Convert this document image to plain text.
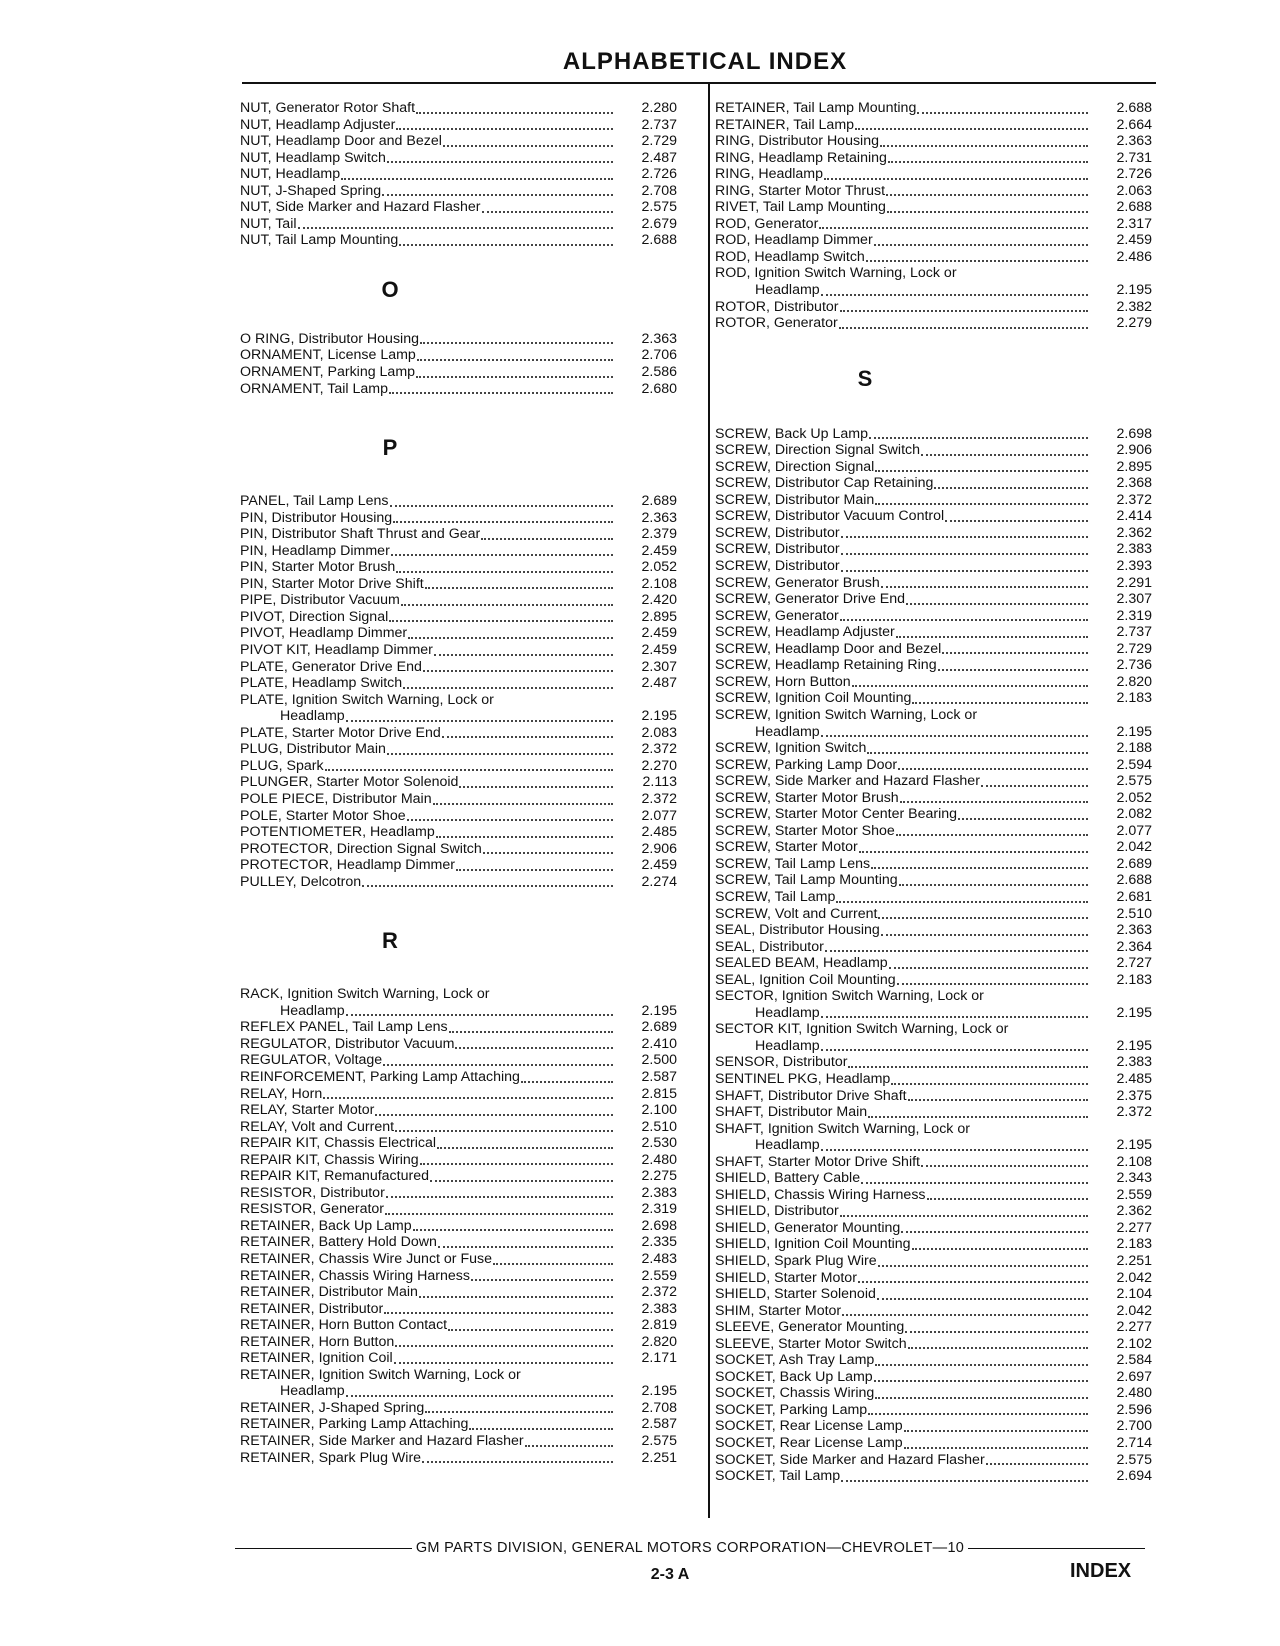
ALPHABETICAL INDEX
NUT, Generator Rotor Shaft	2.280
NUT, Headlamp Adjuster	2.737
NUT, Headlamp Door and Bezel	2.729
NUT, Headlamp Switch	2.487
NUT, Headlamp	2.726
NUT, J-Shaped Spring	2.708
NUT, Side Marker and Hazard Flasher	2.575
NUT, Tail	2.679
NUT, Tail Lamp Mounting	2.688
O
O RING, Distributor Housing	2.363
ORNAMENT, License Lamp	2.706
ORNAMENT, Parking Lamp	2.586
ORNAMENT, Tail Lamp	2.680
P
PANEL, Tail Lamp Lens	2.689
PIN, Distributor Housing	2.363
PIN, Distributor Shaft Thrust and Gear	2.379
PIN, Headlamp Dimmer	2.459
PIN, Starter Motor Brush	2.052
PIN, Starter Motor Drive Shift	2.108
PIPE, Distributor Vacuum	2.420
PIVOT, Direction Signal	2.895
PIVOT, Headlamp Dimmer	2.459
PIVOT KIT, Headlamp Dimmer	2.459
PLATE, Generator Drive End	2.307
PLATE, Headlamp Switch	2.487
PLATE, Ignition Switch Warning, Lock or
Headlamp	2.195
PLATE, Starter Motor Drive End	2.083
PLUG, Distributor Main	2.372
PLUG, Spark	2.270
PLUNGER, Starter Motor Solenoid	2.113
POLE PIECE, Distributor Main	2.372
POLE, Starter Motor Shoe	2.077
POTENTIOMETER, Headlamp	2.485
PROTECTOR, Direction Signal Switch	2.906
PROTECTOR, Headlamp Dimmer	2.459
PULLEY, Delcotron	2.274
R
RACK, Ignition Switch Warning, Lock or
Headlamp	2.195
REFLEX PANEL, Tail Lamp Lens	2.689
REGULATOR, Distributor Vacuum	2.410
REGULATOR, Voltage	2.500
REINFORCEMENT, Parking Lamp Attaching	2.587
RELAY, Horn	2.815
RELAY, Starter Motor	2.100
RELAY, Volt and Current	2.510
REPAIR KIT, Chassis Electrical	2.530
REPAIR KIT, Chassis Wiring	2.480
REPAIR KIT, Remanufactured	2.275
RESISTOR, Distributor	2.383
RESISTOR, Generator	2.319
RETAINER, Back Up Lamp	2.698
RETAINER, Battery Hold Down	2.335
RETAINER, Chassis Wire Junct or Fuse	2.483
RETAINER, Chassis Wiring Harness	2.559
RETAINER, Distributor Main	2.372
RETAINER, Distributor	2.383
RETAINER, Horn Button Contact	2.819
RETAINER, Horn Button	2.820
RETAINER, Ignition Coil	2.171
RETAINER, Ignition Switch Warning, Lock or
Headlamp	2.195
RETAINER, J-Shaped Spring	2.708
RETAINER, Parking Lamp Attaching	2.587
RETAINER, Side Marker and Hazard Flasher	2.575
RETAINER, Spark Plug Wire	2.251
RETAINER, Tail Lamp Mounting	2.688
RETAINER, Tail Lamp	2.664
RING, Distributor Housing	2.363
RING, Headlamp Retaining	2.731
RING, Headlamp	2.726
RING, Starter Motor Thrust	2.063
RIVET, Tail Lamp Mounting	2.688
ROD, Generator	2.317
ROD, Headlamp Dimmer	2.459
ROD, Headlamp Switch	2.486
ROD, Ignition Switch Warning, Lock or
Headlamp	2.195
ROTOR, Distributor	2.382
ROTOR, Generator	2.279
S
SCREW, Back Up Lamp	2.698
SCREW, Direction Signal Switch	2.906
SCREW, Direction Signal	2.895
SCREW, Distributor Cap Retaining	2.368
SCREW, Distributor Main	2.372
SCREW, Distributor Vacuum Control	2.414
SCREW, Distributor	2.362
SCREW, Distributor	2.383
SCREW, Distributor	2.393
SCREW, Generator Brush	2.291
SCREW, Generator Drive End	2.307
SCREW, Generator	2.319
SCREW, Headlamp Adjuster	2.737
SCREW, Headlamp Door and Bezel	2.729
SCREW, Headlamp Retaining Ring	2.736
SCREW, Horn Button	2.820
SCREW, Ignition Coil Mounting	2.183
SCREW, Ignition Switch Warning, Lock or
Headlamp	2.195
SCREW, Ignition Switch	2.188
SCREW, Parking Lamp Door	2.594
SCREW, Side Marker and Hazard Flasher	2.575
SCREW, Starter Motor Brush	2.052
SCREW, Starter Motor Center Bearing	2.082
SCREW, Starter Motor Shoe	2.077
SCREW, Starter Motor	2.042
SCREW, Tail Lamp Lens	2.689
SCREW, Tail Lamp Mounting	2.688
SCREW, Tail Lamp	2.681
SCREW, Volt and Current	2.510
SEAL, Distributor Housing	2.363
SEAL, Distributor	2.364
SEALED BEAM, Headlamp	2.727
SEAL, Ignition Coil Mounting	2.183
SECTOR, Ignition Switch Warning, Lock or
Headlamp	2.195
SECTOR KIT, Ignition Switch Warning, Lock or
Headlamp	2.195
SENSOR, Distributor	2.383
SENTINEL PKG, Headlamp	2.485
SHAFT, Distributor Drive Shaft	2.375
SHAFT, Distributor Main	2.372
SHAFT, Ignition Switch Warning, Lock or
Headlamp	2.195
SHAFT, Starter Motor Drive Shift	2.108
SHIELD, Battery Cable	2.343
SHIELD, Chassis Wiring Harness	2.559
SHIELD, Distributor	2.362
SHIELD, Generator Mounting	2.277
SHIELD, Ignition Coil Mounting	2.183
SHIELD, Spark Plug Wire	2.251
SHIELD, Starter Motor	2.042
SHIELD, Starter Solenoid	2.104
SHIM, Starter Motor	2.042
SLEEVE, Generator Mounting	2.277
SLEEVE, Starter Motor Switch	2.102
SOCKET, Ash Tray Lamp	2.584
SOCKET, Back Up Lamp	2.697
SOCKET, Chassis Wiring	2.480
SOCKET, Parking Lamp	2.596
SOCKET, Rear License Lamp	2.700
SOCKET, Rear License Lamp	2.714
SOCKET, Side Marker and Hazard Flasher	2.575
SOCKET, Tail Lamp	2.694
GM PARTS DIVISION, GENERAL MOTORS CORPORATION—CHEVROLET—10
2-3 A	INDEX
